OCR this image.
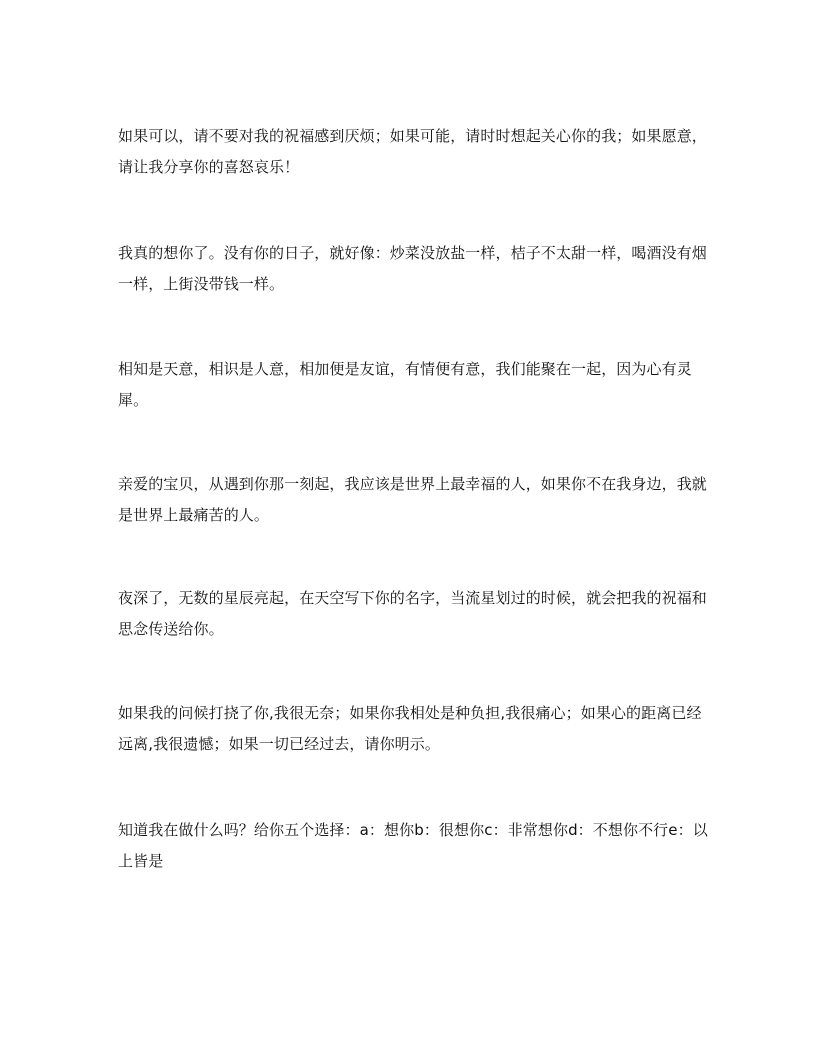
如果可以，请不要对我的祝福感到厌烦；如果可能，请时时想起关心你的我；如果愿意，请让我分享你的喜怒哀乐！

我真的想你了。没有你的日子，就好像：炒菜没放盐一样，桔子不太甜一样，喝酒没有烟一样，上街没带钱一样。

相知是天意，相识是人意，相加便是友谊，有情便有意，我们能聚在一起，因为心有灵犀。

亲爱的宝贝，从遇到你那一刻起，我应该是世界上最幸福的人，如果你不在我身边，我就是世界上最痛苦的人。

夜深了，无数的星辰亮起，在天空写下你的名字，当流星划过的时候，就会把我的祝福和思念传送给你。

如果我的问候打挠了你,我很无奈；如果你我相处是种负担,我很痛心；如果心的距离已经远离,我很遗憾；如果一切已经过去，请你明示。

知道我在做什么吗？给你五个选择：a：想你b：很想你c：非常想你d：不想你不行e：以上皆是
